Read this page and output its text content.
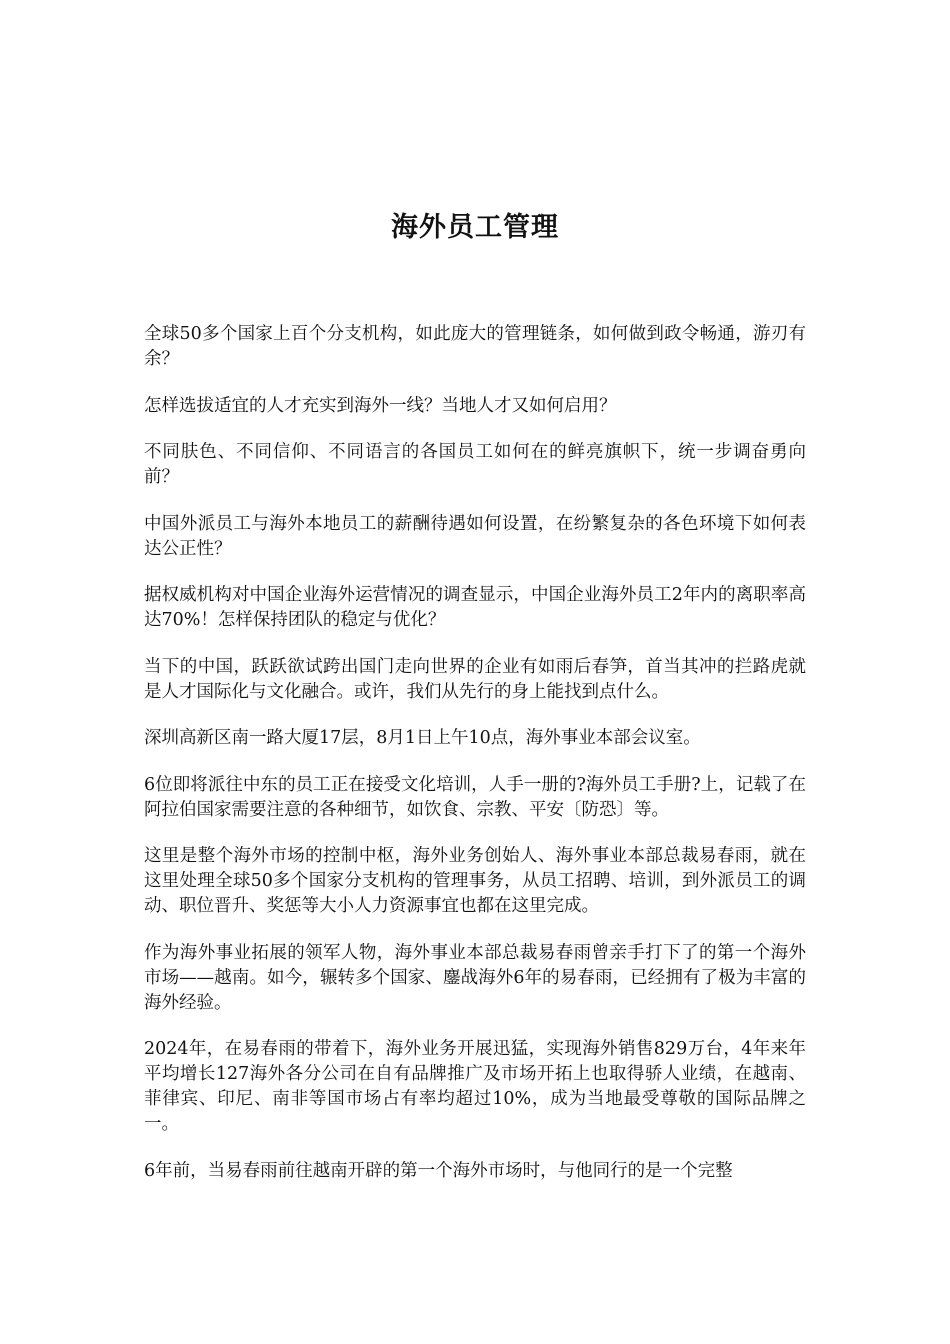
海外员工管理

全球50多个国家上百个分支机构，如此庞大的管理链条，如何做到政令畅通，游刃有余？

怎样选拔适宜的人才充实到海外一线？当地人才又如何启用？

不同肤色、不同信仰、不同语言的各国员工如何在的鲜亮旗帜下，统一步调奋勇向前？

中国外派员工与海外本地员工的薪酬待遇如何设置，在纷繁复杂的各色环境下如何表达公正性？

据权威机构对中国企业海外运营情况的调查显示，中国企业海外员工2年内的离职率高达70%！怎样保持团队的稳定与优化？

当下的中国，跃跃欲试跨出国门走向世界的企业有如雨后春笋，首当其冲的拦路虎就是人才国际化与文化融合。或许，我们从先行的身上能找到点什么。

深圳高新区南一路大厦17层，8月1日上午10点，海外事业本部会议室。

6位即将派往中东的员工正在接受文化培训，人手一册的?海外员工手册?上，记载了在阿拉伯国家需要注意的各种细节，如饮食、宗教、平安〔防恐〕等。

这里是整个海外市场的控制中枢，海外业务创始人、海外事业本部总裁易春雨，就在这里处理全球50多个国家分支机构的管理事务，从员工招聘、培训，到外派员工的调动、职位晋升、奖惩等大小人力资源事宜也都在这里完成。

作为海外事业拓展的领军人物，海外事业本部总裁易春雨曾亲手打下了的第一个海外市场——越南。如今，辗转多个国家、鏖战海外6年的易春雨，已经拥有了极为丰富的海外经验。

2024年，在易春雨的带着下，海外业务开展迅猛，实现海外销售829万台，4年来年平均增长127海外各分公司在自有品牌推广及市场开拓上也取得骄人业绩，在越南、菲律宾、印尼、南非等国市场占有率均超过10%，成为当地最受尊敬的国际品牌之一。

6年前，当易春雨前往越南开辟的第一个海外市场时，与他同行的是一个完整
